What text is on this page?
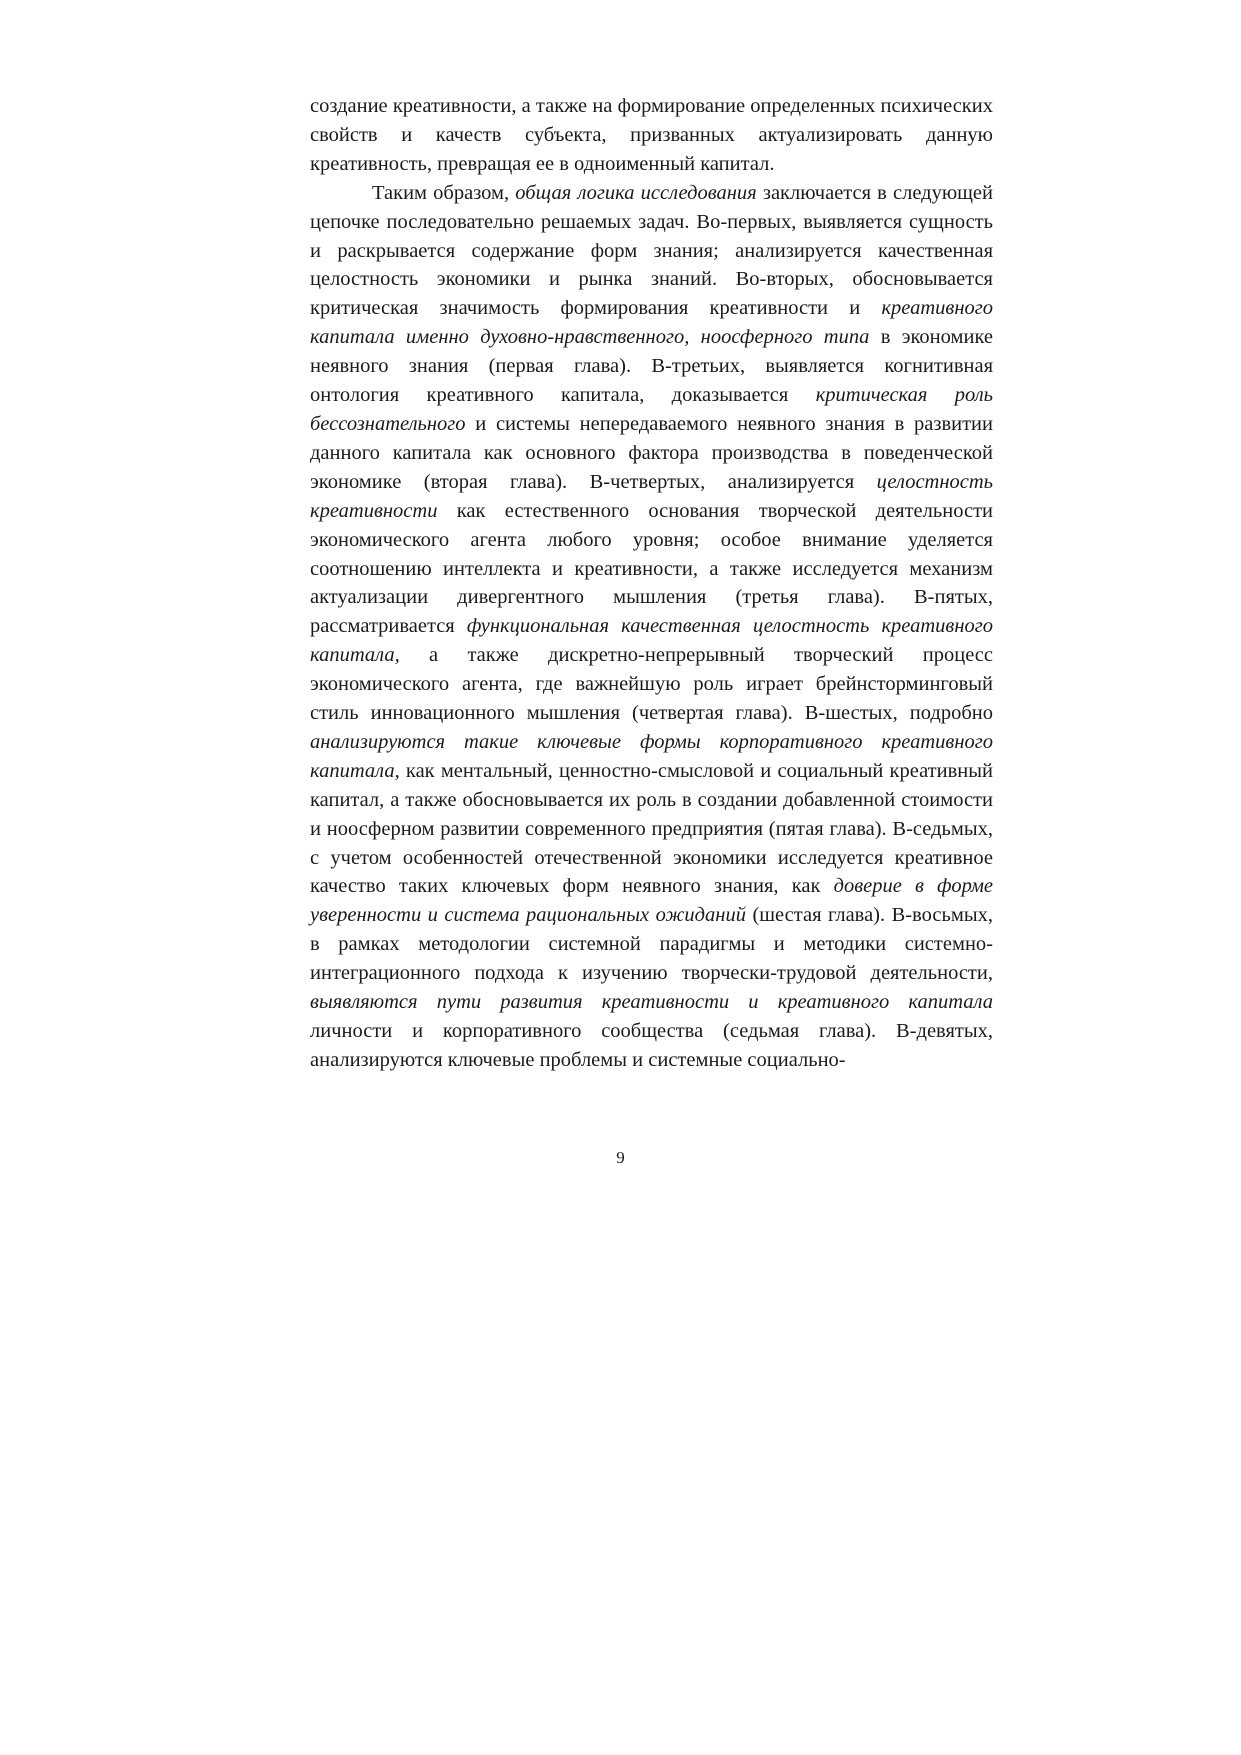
создание креативности, а также на формирование определенных психических свойств и качеств субъекта, призванных актуализировать данную креативность, превращая ее в одноименный капитал.

Таким образом, общая логика исследования заключается в следующей цепочке последовательно решаемых задач. Во-первых, выявляется сущность и раскрывается содержание форм знания; анализируется качественная целостность экономики и рынка знаний. Во-вторых, обосновывается критическая значимость формирования креативности и креативного капитала именно духовно-нравственного, ноосферного типа в экономике неявного знания (первая глава). В-третьих, выявляется когнитивная онтология креативного капитала, доказывается критическая роль бессознательного и системы непередаваемого неявного знания в развитии данного капитала как основного фактора производства в поведенческой экономике (вторая глава). В-четвертых, анализируется целостность креативности как естественного основания творческой деятельности экономического агента любого уровня; особое внимание уделяется соотношению интеллекта и креативности, а также исследуется механизм актуализации дивергентного мышления (третья глава). В-пятых, рассматривается функциональная качественная целостность креативного капитала, а также дискретно-непрерывный творческий процесс экономического агента, где важнейшую роль играет брейнсторминговый стиль инновационного мышления (четвертая глава). В-шестых, подробно анализируются такие ключевые формы корпоративного креативного капитала, как ментальный, ценностно-смысловой и социальный креативный капитал, а также обосновывается их роль в создании добавленной стоимости и ноосферном развитии современного предприятия (пятая глава). В-седьмых, с учетом особенностей отечественной экономики исследуется креативное качество таких ключевых форм неявного знания, как доверие в форме уверенности и система рациональных ожиданий (шестая глава). В-восьмых, в рамках методологии системной парадигмы и методики системно-интеграционного подхода к изучению творчески-трудовой деятельности, выявляются пути развития креативности и креативного капитала личности и корпоративного сообщества (седьмая глава). В-девятых, анализируются ключевые проблемы и системные социально-

9
